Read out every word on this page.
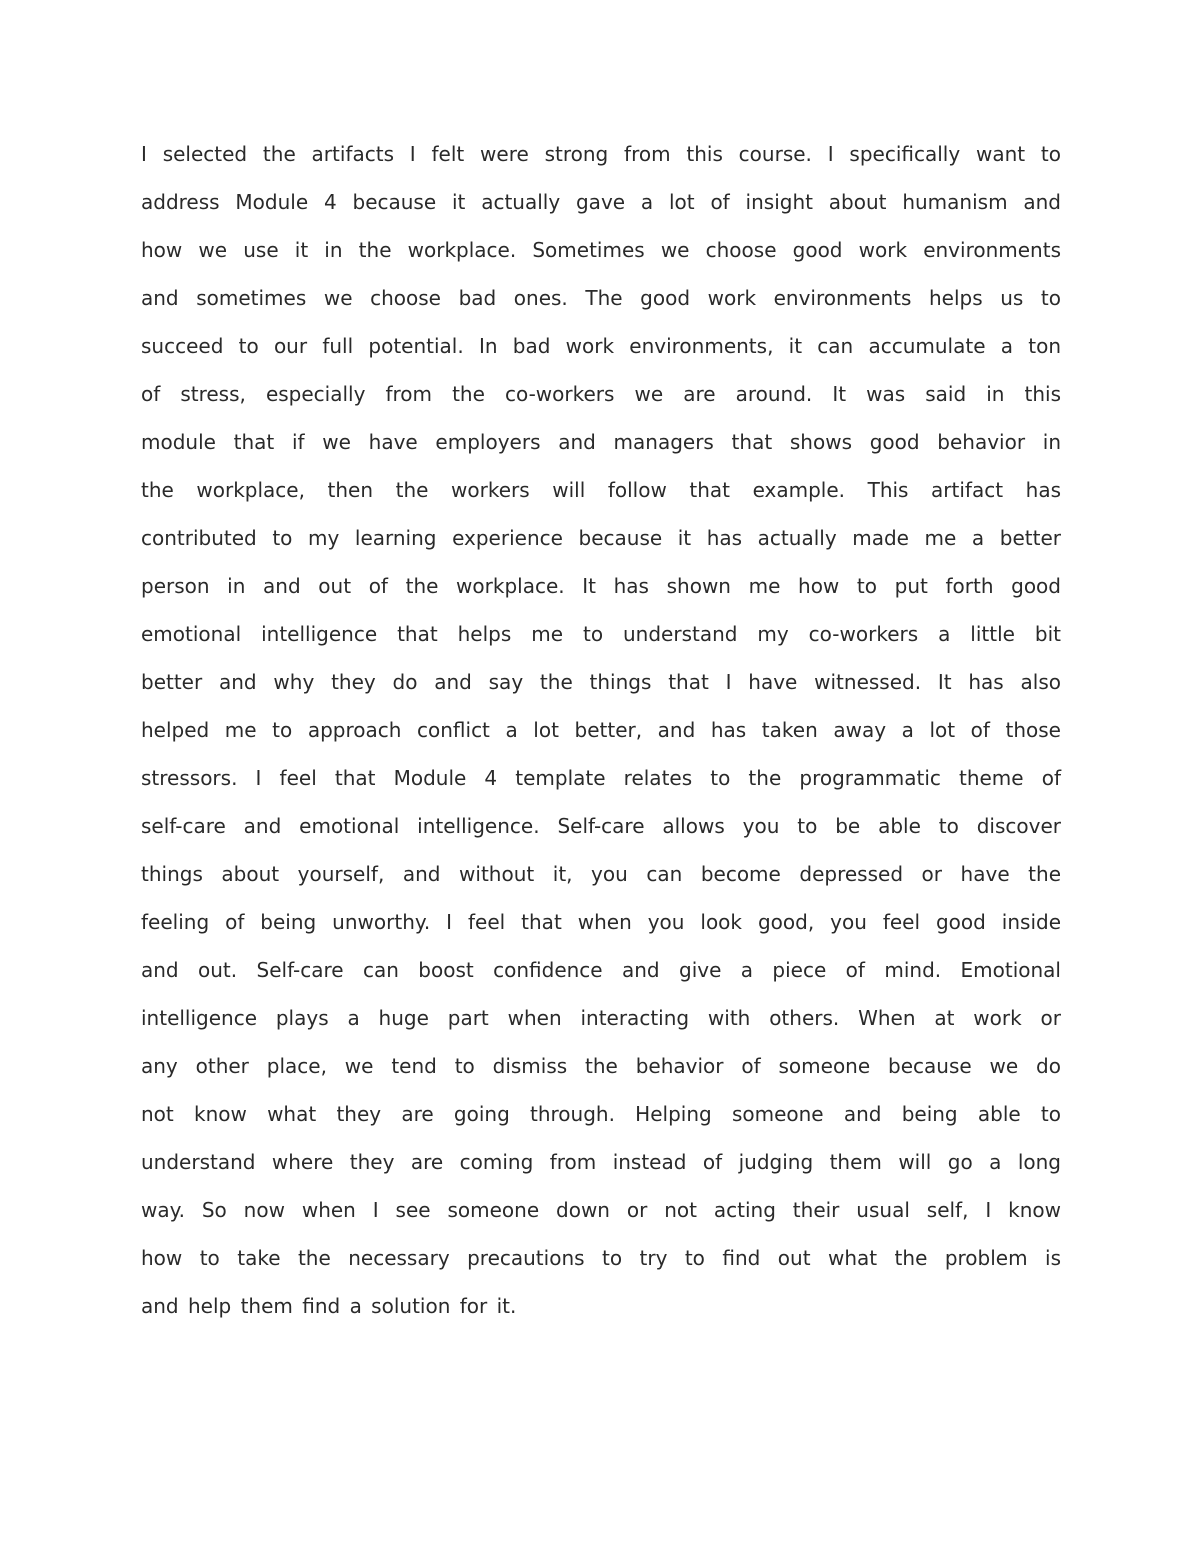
I selected the artifacts I felt were strong from this course. I specifically want to
address Module 4 because it actually gave a lot of insight about humanism and
how we use it in the workplace. Sometimes we choose good work environments
and sometimes we choose bad ones. The good work environments helps us to
succeed to our full potential. In bad work environments, it can accumulate a ton
of stress, especially from the co-workers we are around. It was said in this
module that if we have employers and managers that shows good behavior in
the workplace, then the workers will follow that example. This artifact has
contributed to my learning experience because it has actually made me a better
person in and out of the workplace. It has shown me how to put forth good
emotional intelligence that helps me to understand my co-workers a little bit
better and why they do and say the things that I have witnessed. It has also
helped me to approach conflict a lot better, and has taken away a lot of those
stressors. I feel that Module 4 template relates to the programmatic theme of
self-care and emotional intelligence. Self-care allows you to be able to discover
things about yourself, and without it, you can become depressed or have the
feeling of being unworthy. I feel that when you look good, you feel good inside
and out. Self-care can boost confidence and give a piece of mind. Emotional
intelligence plays a huge part when interacting with others. When at work or
any other place, we tend to dismiss the behavior of someone because we do
not know what they are going through. Helping someone and being able to
understand where they are coming from instead of judging them will go a long
way. So now when I see someone down or not acting their usual self, I know
how to take the necessary precautions to try to find out what the problem is
and help them find a solution for it.
